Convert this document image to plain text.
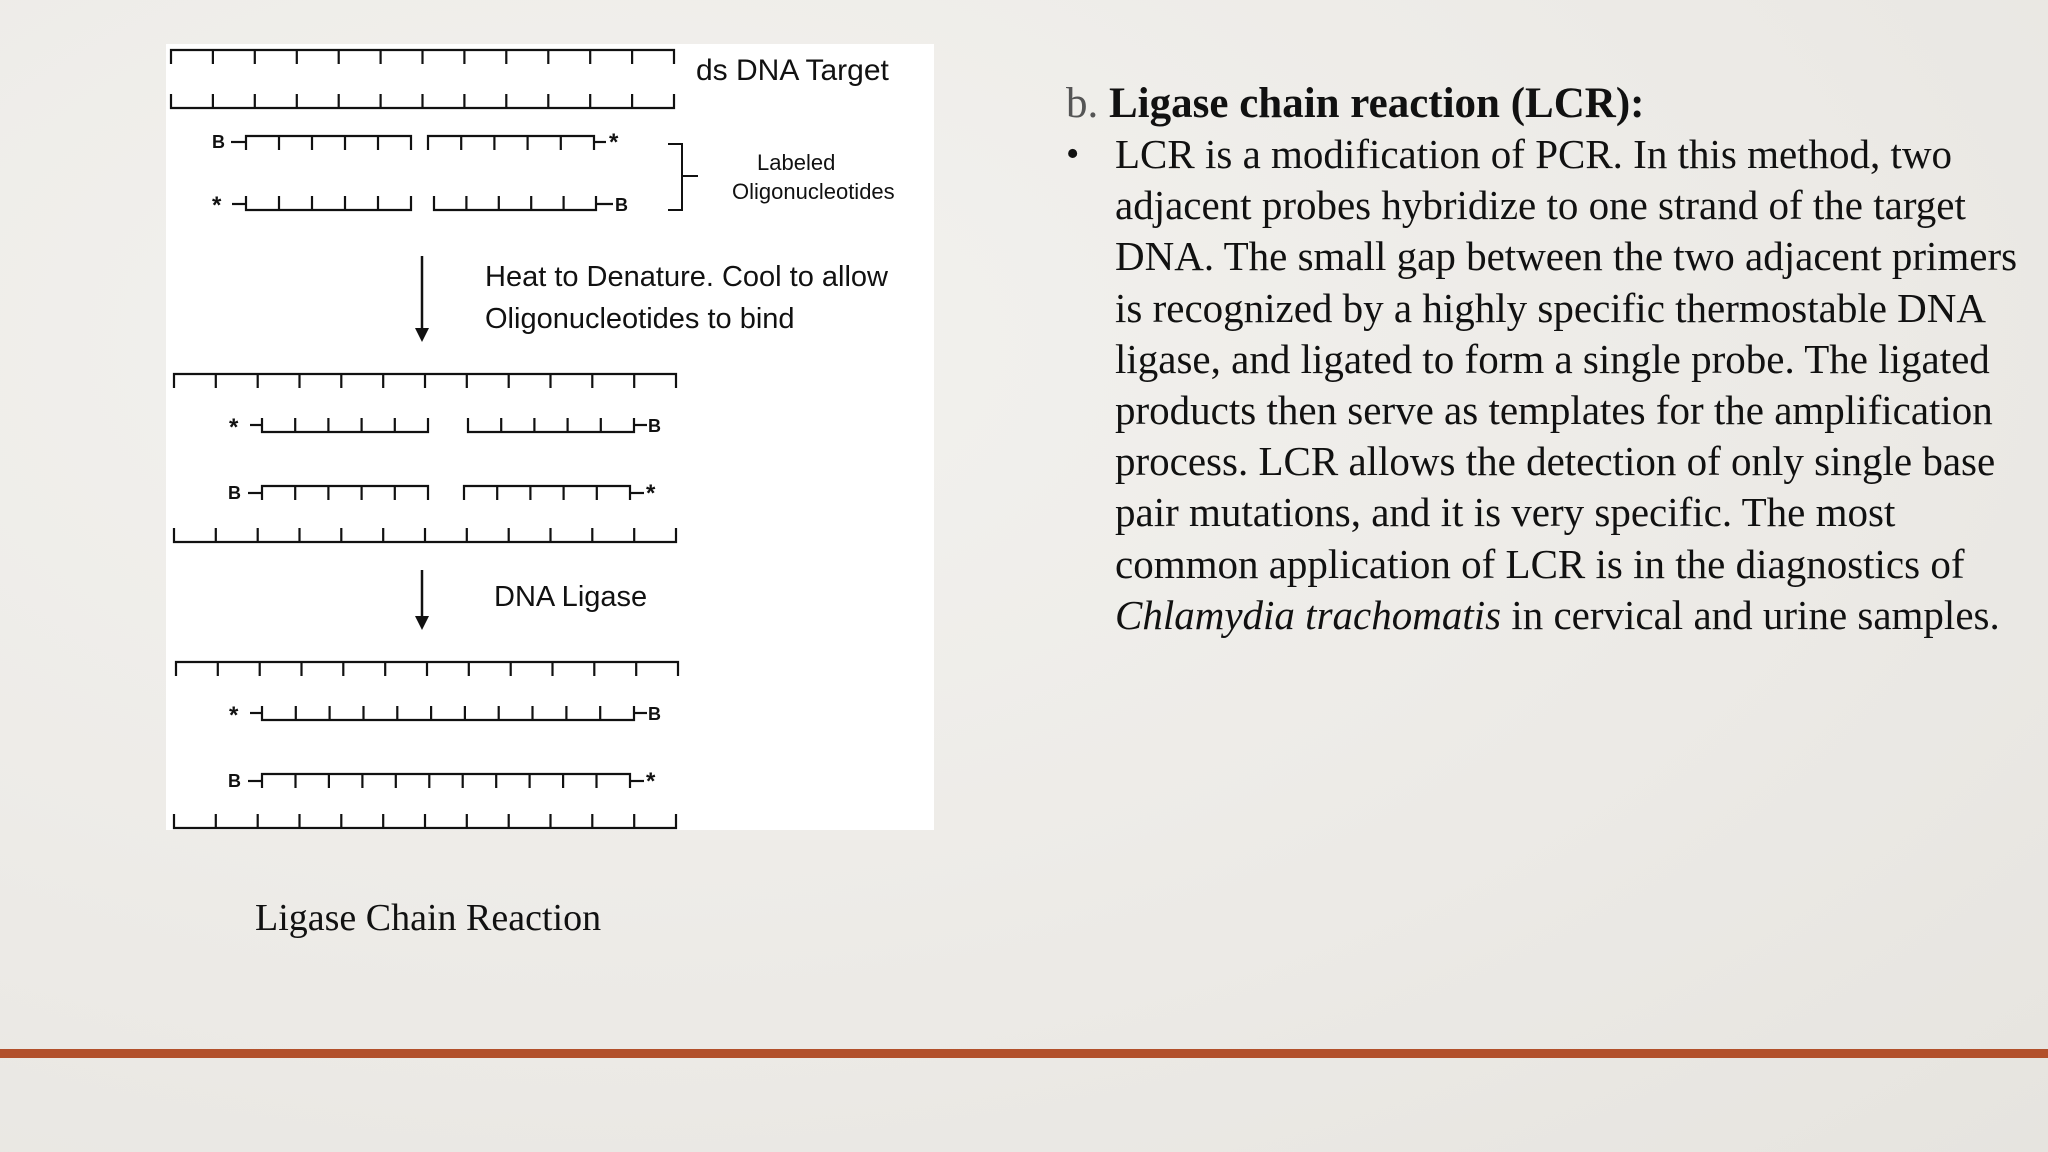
B	*
*	B
*	B
B	*
*	B
B	*
ds DNA Target
Labeled
Oligonucleotides
Heat to Denature. Cool to allow
Oligonucleotides to bind
DNA Ligase
Ligase Chain Reaction
b. Ligase chain reaction (LCR):
• LCR is a modification of PCR. In this method, two adjacent probes hybridize to one strand of the target DNA. The small gap between the two adjacent primers is recognized by a highly specific thermostable DNA ligase, and ligated to form a single probe. The ligated products then serve as templates for the amplification process. LCR allows the detection of only single base pair mutations, and it is very specific. The most common application of LCR is in the diagnostics of Chlamydia trachomatis in cervical and urine samples.
